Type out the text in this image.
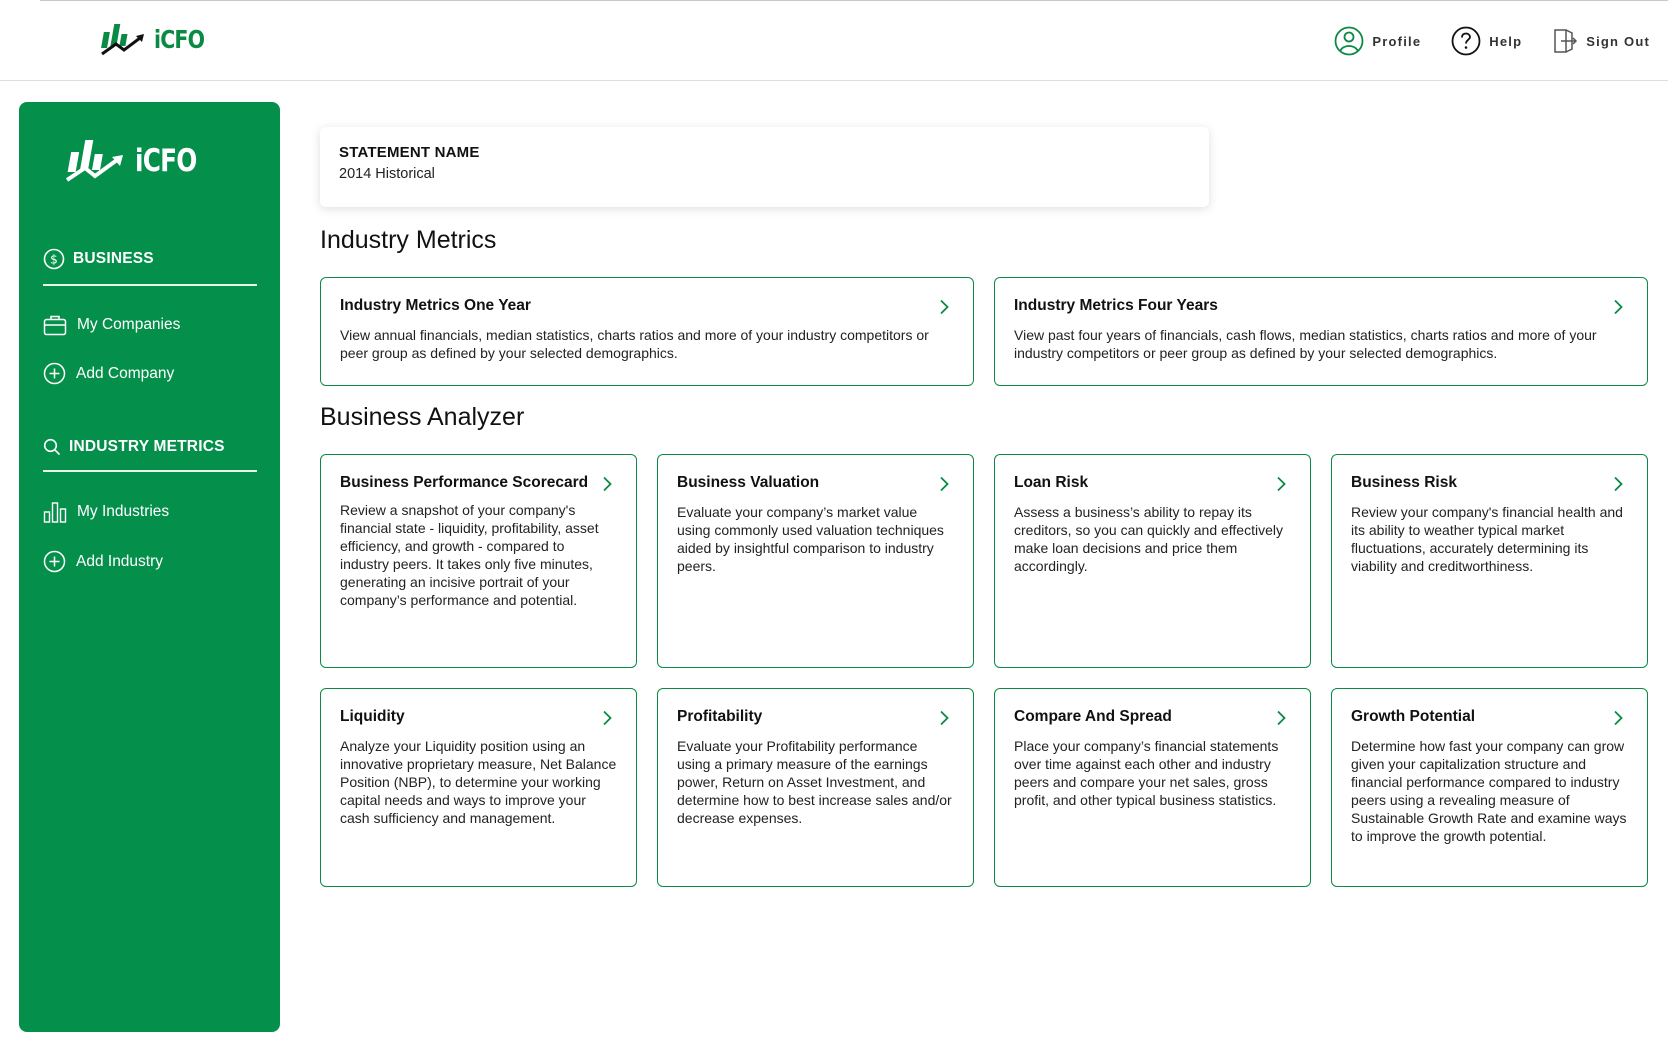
iCFO	Profile	Help	Sign Out
iCFO
$ BUSINESS
My Companies
Add Company
INDUSTRY METRICS
My Industries
Add Industry
STATEMENT NAME
2014 Historical
Industry Metrics
Industry Metrics One Year
View annual financials, median statistics, charts ratios and more of your industry competitors or peer group as defined by your selected demographics.
Industry Metrics Four Years
View past four years of financials, cash flows, median statistics, charts ratios and more of your industry competitors or peer group as defined by your selected demographics.
Business Analyzer
Business Performance Scorecard
Review a snapshot of your company's financial state - liquidity, profitability, asset efficiency, and growth - compared to industry peers. It takes only five minutes, generating an incisive portrait of your company’s performance and potential.
Business Valuation
Evaluate your company’s market value using commonly used valuation techniques aided by insightful comparison to industry peers.
Loan Risk
Assess a business’s ability to repay its creditors, so you can quickly and effectively make loan decisions and price them accordingly.
Business Risk
Review your company's financial health and its ability to weather typical market fluctuations, accurately determining its viability and creditworthiness.
Liquidity
Analyze your Liquidity position using an innovative proprietary measure, Net Balance Position (NBP), to determine your working capital needs and ways to improve your cash sufficiency and management.
Profitability
Evaluate your Profitability performance using a primary measure of the earnings power, Return on Asset Investment, and determine how to best increase sales and/or decrease expenses.
Compare And Spread
Place your company’s financial statements over time against each other and industry peers and compare your net sales, gross profit, and other typical business statistics.
Growth Potential
Determine how fast your company can grow given your capitalization structure and financial performance compared to industry peers using a revealing measure of Sustainable Growth Rate and examine ways to improve the growth potential.
